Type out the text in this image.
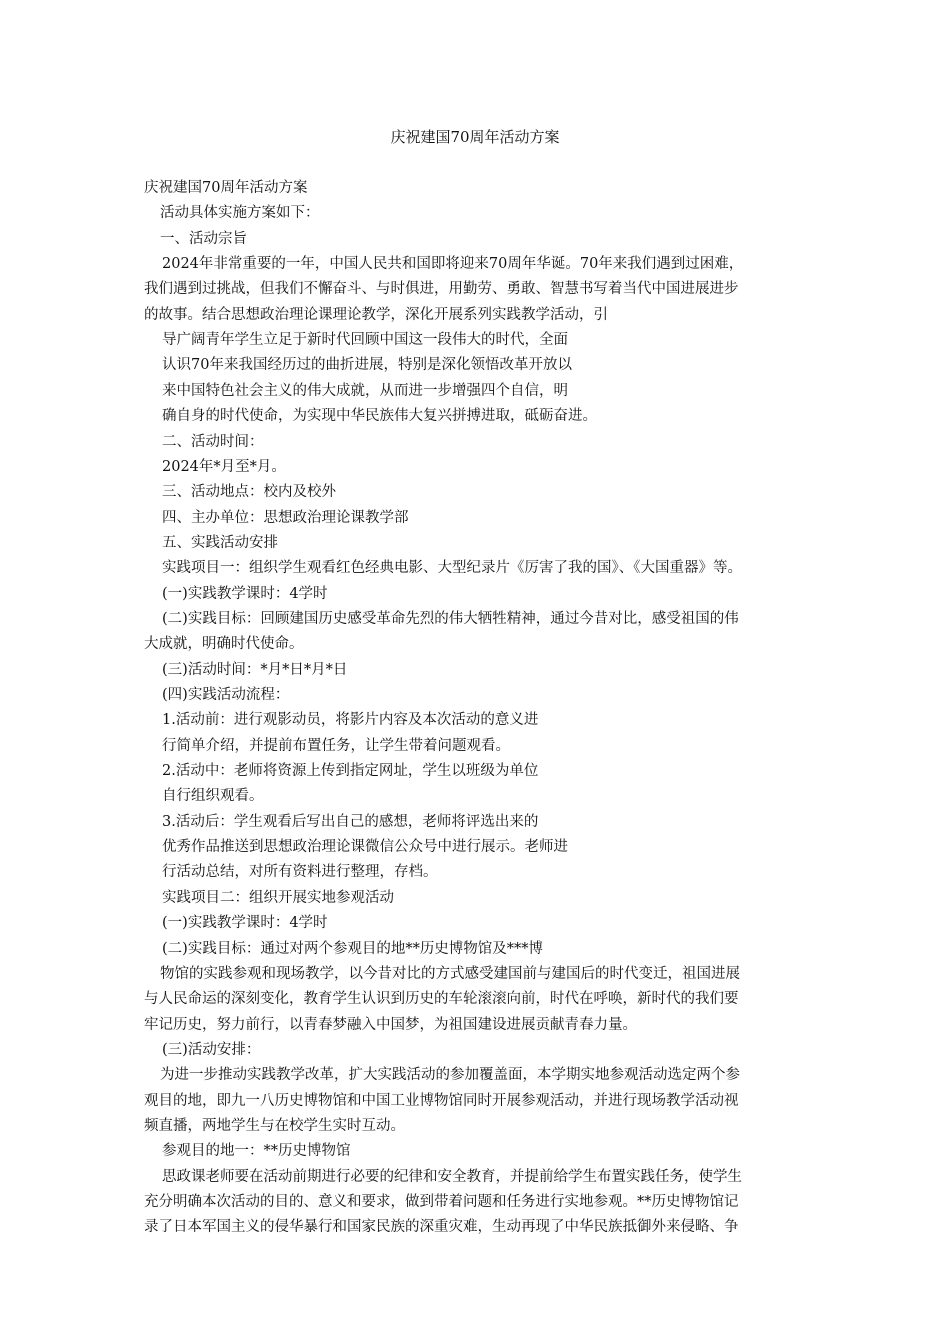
庆祝建国70周年活动方案
庆祝建国70周年活动方案
活动具体实施方案如下：
一、活动宗旨
2024年非常重要的一年，中国人民共和国即将迎来70周年华诞。70年来我们遇到过困难，
我们遇到过挑战，但我们不懈奋斗、与时俱进，用勤劳、勇敢、智慧书写着当代中国进展进步
的故事。结合思想政治理论课理论教学，深化开展系列实践教学活动，引
导广阔青年学生立足于新时代回顾中国这一段伟大的时代，全面
认识70年来我国经历过的曲折进展，特别是深化领悟改革开放以
来中国特色社会主义的伟大成就，从而进一步增强四个自信，明
确自身的时代使命，为实现中华民族伟大复兴拼搏进取，砥砺奋进。
二、活动时间：
2024年*月至*月。
三、活动地点：校内及校外
四、主办单位：思想政治理论课教学部
五、实践活动安排
实践项目一：组织学生观看红色经典电影、大型纪录片《厉害了我的国》、《大国重器》等。
(一)实践教学课时：4学时
(二)实践目标：回顾建国历史感受革命先烈的伟大牺牲精神，通过今昔对比，感受祖国的伟
大成就，明确时代使命。
(三)活动时间：*月*日*月*日
(四)实践活动流程：
1.活动前：进行观影动员，将影片内容及本次活动的意义进
行简单介绍，并提前布置任务，让学生带着问题观看。
2.活动中：老师将资源上传到指定网址，学生以班级为单位
自行组织观看。
3.活动后：学生观看后写出自己的感想，老师将评选出来的
优秀作品推送到思想政治理论课微信公众号中进行展示。老师进
行活动总结，对所有资料进行整理，存档。
实践项目二：组织开展实地参观活动
(一)实践教学课时：4学时
(二)实践目标：通过对两个参观目的地**历史博物馆及***博
物馆的实践参观和现场教学，以今昔对比的方式感受建国前与建国后的时代变迁，祖国进展
与人民命运的深刻变化，教育学生认识到历史的车轮滚滚向前，时代在呼唤，新时代的我们要
牢记历史，努力前行，以青春梦融入中国梦，为祖国建设进展贡献青春力量。
(三)活动安排：
为进一步推动实践教学改革，扩大实践活动的参加覆盖面，本学期实地参观活动选定两个参
观目的地，即九一八历史博物馆和中国工业博物馆同时开展参观活动，并进行现场教学活动视
频直播，两地学生与在校学生实时互动。
参观目的地一：**历史博物馆
思政课老师要在活动前期进行必要的纪律和安全教育，并提前给学生布置实践任务，使学生
充分明确本次活动的目的、意义和要求，做到带着问题和任务进行实地参观。**历史博物馆记
录了日本军国主义的侵华暴行和国家民族的深重灾难，生动再现了中华民族抵御外来侵略、争
